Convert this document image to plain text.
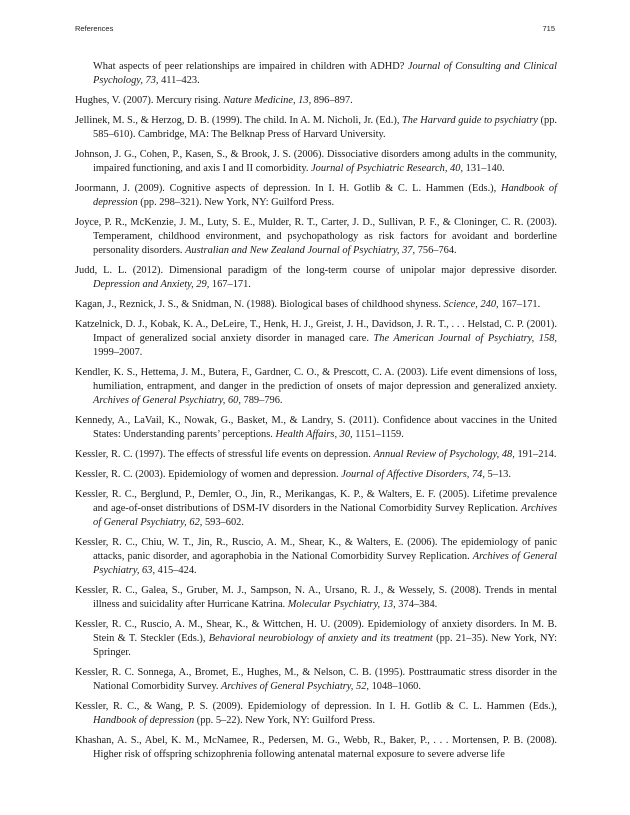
References	715

What aspects of peer relationships are impaired in children with ADHD? Journal of Consulting and Clinical Psychology, 73, 411–423.

Hughes, V. (2007). Mercury rising. Nature Medicine, 13, 896–897.

Jellinek, M. S., & Herzog, D. B. (1999). The child. In A. M. Nicholi, Jr. (Ed.), The Harvard guide to psychiatry (pp. 585–610). Cambridge, MA: The Belknap Press of Harvard University.

Johnson, J. G., Cohen, P., Kasen, S., & Brook, J. S. (2006). Dissociative disorders among adults in the community, impaired functioning, and axis I and II comorbidity. Journal of Psychiatric Research, 40, 131–140.

Joormann, J. (2009). Cognitive aspects of depression. In I. H. Gotlib & C. L. Hammen (Eds.), Handbook of depression (pp. 298–321). New York, NY: Guilford Press.

Joyce, P. R., McKenzie, J. M., Luty, S. E., Mulder, R. T., Carter, J. D., Sullivan, P. F., & Cloninger, C. R. (2003). Temperament, childhood environment, and psychopathology as risk factors for avoidant and borderline personality disorders. Australian and New Zealand Journal of Psychiatry, 37, 756–764.

Judd, L. L. (2012). Dimensional paradigm of the long-term course of unipolar major depressive disorder. Depression and Anxiety, 29, 167–171.

Kagan, J., Reznick, J. S., & Snidman, N. (1988). Biological bases of childhood shyness. Science, 240, 167–171.

Katzelnick, D. J., Kobak, K. A., DeLeire, T., Henk, H. J., Greist, J. H., Davidson, J. R. T., . . . Helstad, C. P. (2001). Impact of generalized social anxiety disorder in managed care. The American Journal of Psychiatry, 158, 1999–2007.

Kendler, K. S., Hettema, J. M., Butera, F., Gardner, C. O., & Prescott, C. A. (2003). Life event dimensions of loss, humiliation, entrapment, and danger in the prediction of onsets of major depression and generalized anxiety. Archives of General Psychiatry, 60, 789–796.

Kennedy, A., LaVail, K., Nowak, G., Basket, M., & Landry, S. (2011). Confidence about vaccines in the United States: Understanding parents’ perceptions. Health Affairs, 30, 1151–1159.

Kessler, R. C. (1997). The effects of stressful life events on depression. Annual Review of Psychology, 48, 191–214.

Kessler, R. C. (2003). Epidemiology of women and depression. Journal of Affective Disorders, 74, 5–13.

Kessler, R. C., Berglund, P., Demler, O., Jin, R., Merikangas, K. P., & Walters, E. F. (2005). Lifetime prevalence and age-of-onset distributions of DSM-IV disorders in the National Comorbidity Survey Replication. Archives of General Psychiatry, 62, 593–602.

Kessler, R. C., Chiu, W. T., Jin, R., Ruscio, A. M., Shear, K., & Walters, E. (2006). The epidemiology of panic attacks, panic disorder, and agoraphobia in the National Comorbidity Survey Replication. Archives of General Psychiatry, 63, 415–424.

Kessler, R. C., Galea, S., Gruber, M. J., Sampson, N. A., Ursano, R. J., & Wessely, S. (2008). Trends in mental illness and suicidality after Hurricane Katrina. Molecular Psychiatry, 13, 374–384.

Kessler, R. C., Ruscio, A. M., Shear, K., & Wittchen, H. U. (2009). Epidemiology of anxiety disorders. In M. B. Stein & T. Steckler (Eds.), Behavioral neurobiology of anxiety and its treatment (pp. 21–35). New York, NY: Springer.

Kessler, R. C. Sonnega, A., Bromet, E., Hughes, M., & Nelson, C. B. (1995). Posttraumatic stress disorder in the National Comorbidity Survey. Archives of General Psychiatry, 52, 1048–1060.

Kessler, R. C., & Wang, P. S. (2009). Epidemiology of depression. In I. H. Gotlib & C. L. Hammen (Eds.), Handbook of depression (pp. 5–22). New York, NY: Guilford Press.

Khashan, A. S., Abel, K. M., McNamee, R., Pedersen, M. G., Webb, R., Baker, P., . . . Mortensen, P. B. (2008). Higher risk of offspring schizophrenia following antenatal maternal exposure to severe adverse life
